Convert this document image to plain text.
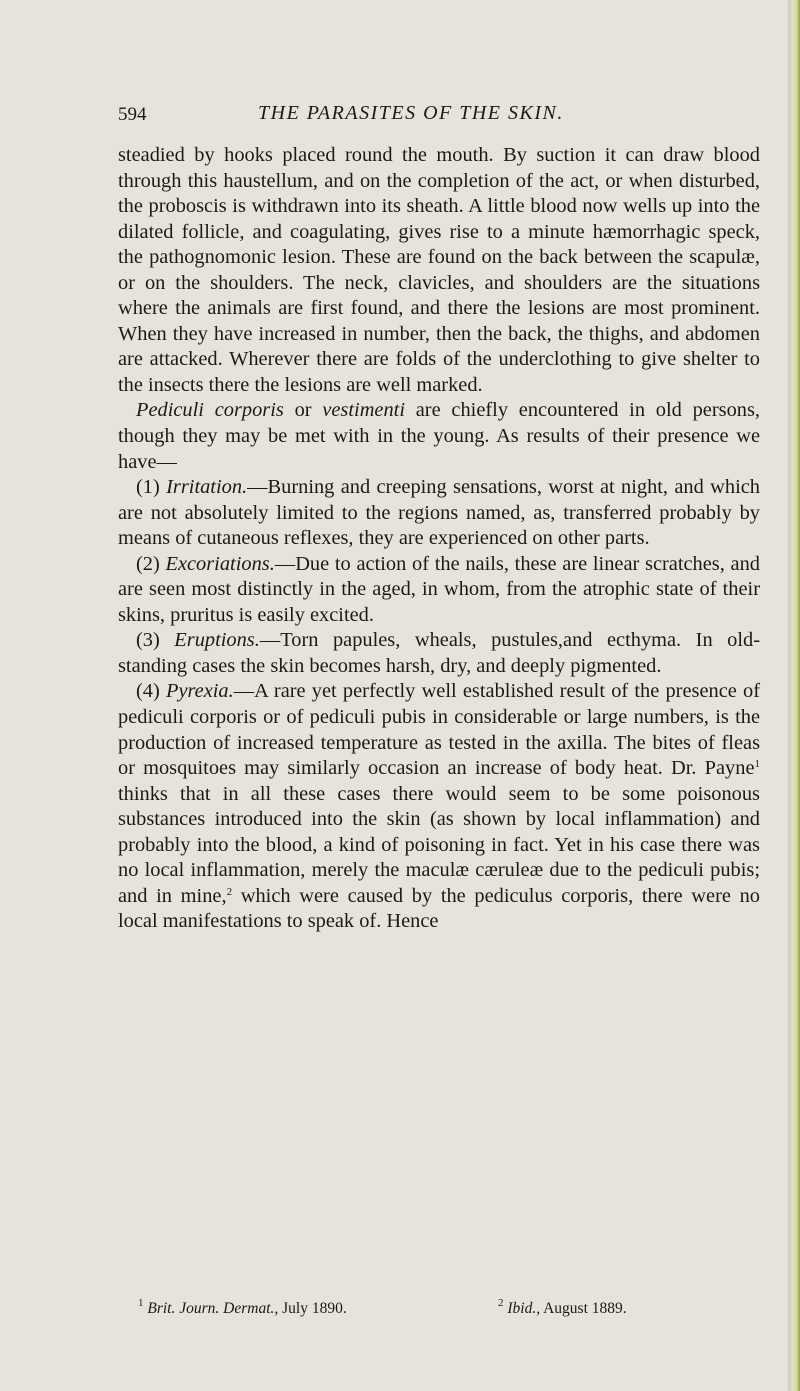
594	THE PARASITES OF THE SKIN.

steadied by hooks placed round the mouth. By suction it can draw blood through this haustellum, and on the completion of the act, or when disturbed, the proboscis is withdrawn into its sheath. A little blood now wells up into the dilated follicle, and coagulating, gives rise to a minute hæmorrhagic speck, the pathognomonic lesion. These are found on the back between the scapulæ, or on the shoulders. The neck, clavicles, and shoulders are the situations where the animals are first found, and there the lesions are most prominent. When they have increased in number, then the back, the thighs, and abdomen are attacked. Wherever there are folds of the underclothing to give shelter to the insects there the lesions are well marked.

Pediculi corporis or vestimenti are chiefly encountered in old persons, though they may be met with in the young. As results of their presence we have—

(1) Irritation.—Burning and creeping sensations, worst at night, and which are not absolutely limited to the regions named, as, transferred probably by means of cutaneous reflexes, they are experienced on other parts.

(2) Excoriations.—Due to action of the nails, these are linear scratches, and are seen most distinctly in the aged, in whom, from the atrophic state of their skins, pruritus is easily excited.

(3) Eruptions.—Torn papules, wheals, pustules,and ecthyma. In old-standing cases the skin becomes harsh, dry, and deeply pigmented.

(4) Pyrexia.—A rare yet perfectly well established result of the presence of pediculi corporis or of pediculi pubis in considerable or large numbers, is the production of increased temperature as tested in the axilla. The bites of fleas or mosquitoes may similarly occasion an increase of body heat. Dr. Payne$^1$ thinks that in all these cases there would seem to be some poisonous substances introduced into the skin (as shown by local inflammation) and probably into the blood, a kind of poisoning in fact. Yet in his case there was no local inflammation, merely the maculæ cæruleæ due to the pediculi pubis; and in mine,$^2$ which were caused by the pediculus corporis, there were no local manifestations to speak of. Hence

$^1$ Brit. Journ. Dermat., July 1890.	$^2$ Ibid., August 1889.
